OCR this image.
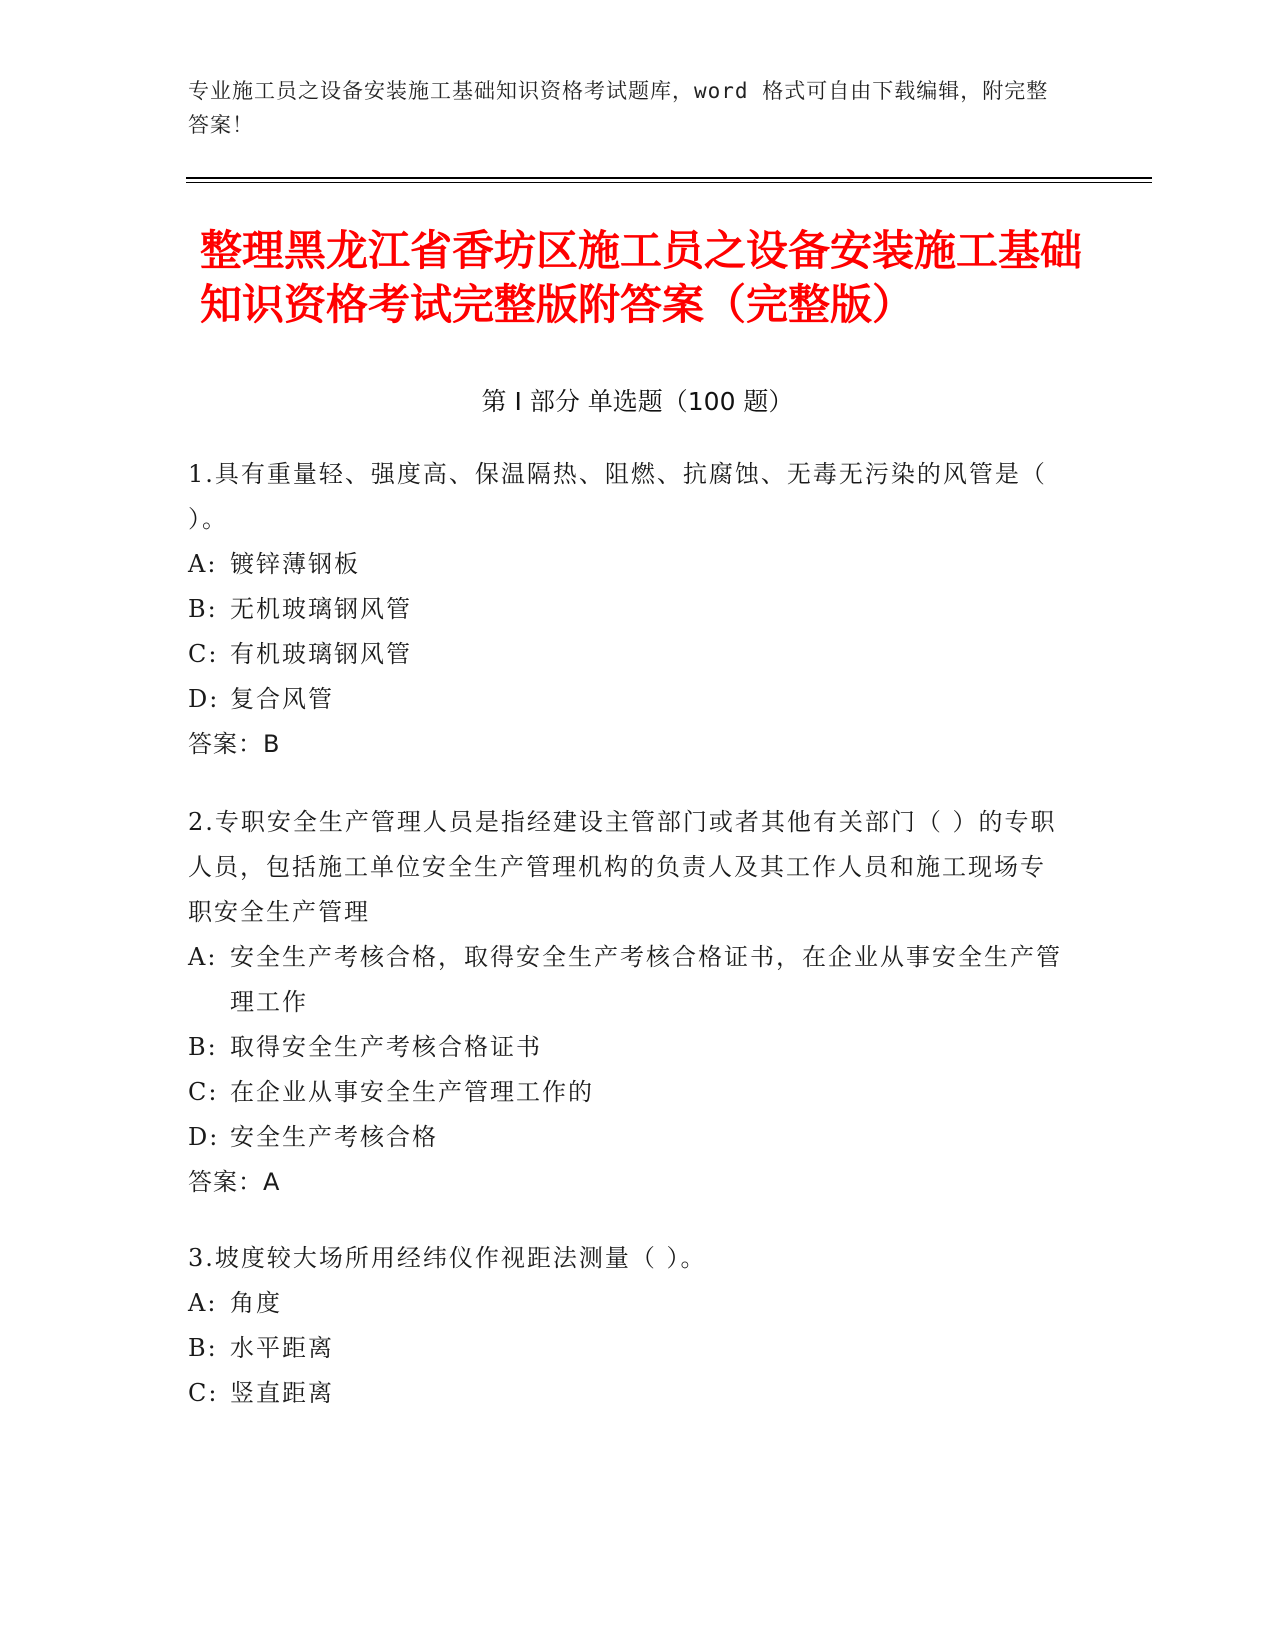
专业施工员之设备安装施工基础知识资格考试题库，word 格式可自由下载编辑，附完整答案！
整理黑龙江省香坊区施工员之设备安装施工基础知识资格考试完整版附答案（完整版）
第 I 部分 单选题（100 题）
1.具有重量轻、强度高、保温隔热、阻燃、抗腐蚀、无毒无污染的风管是（ ）。
A: 镀锌薄钢板
B: 无机玻璃钢风管
C: 有机玻璃钢风管
D: 复合风管
答案：B
2.专职安全生产管理人员是指经建设主管部门或者其他有关部门（ ）的专职人员，包括施工单位安全生产管理机构的负责人及其工作人员和施工现场专职安全生产管理
A: 安全生产考核合格，取得安全生产考核合格证书，在企业从事安全生产管理工作
B: 取得安全生产考核合格证书
C: 在企业从事安全生产管理工作的
D: 安全生产考核合格
答案：A
3.坡度较大场所用经纬仪作视距法测量（ ）。
A: 角度
B: 水平距离
C: 竖直距离
